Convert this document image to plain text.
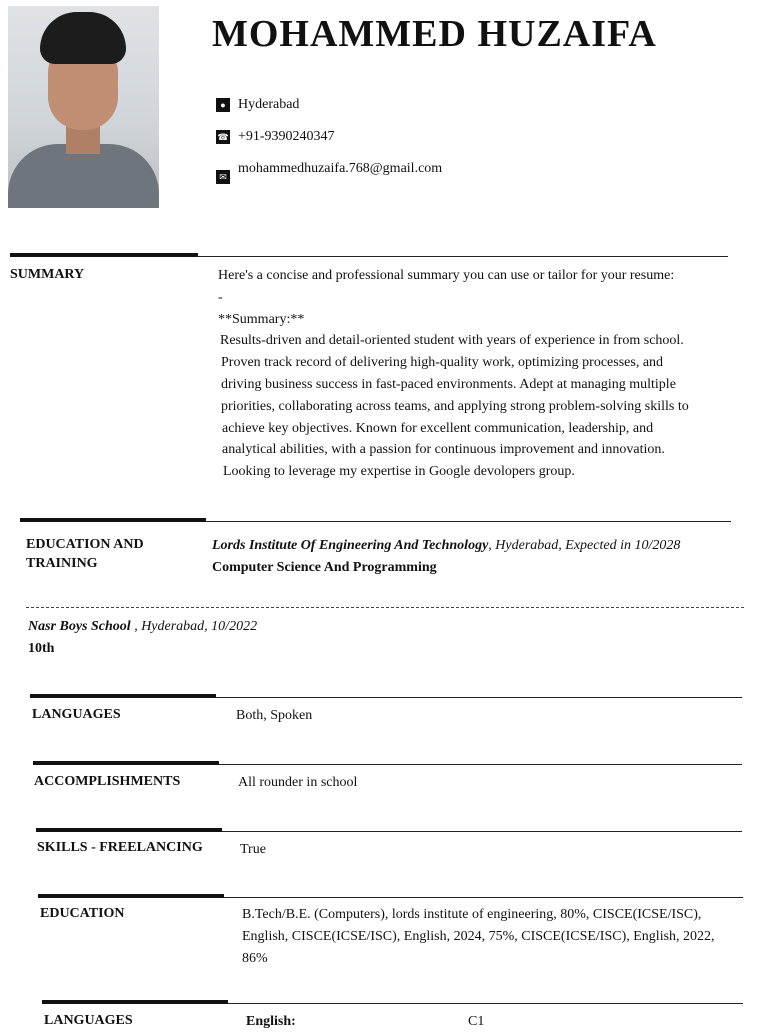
MOHAMMED HUZAIFA
● Hyderabad
☎ +91-9390240347
✉
mohammedhuzaifa.768@gmail.com
SUMMARY	Here's a concise and professional summary you can use or tailor for your resume:
-
**Summary:**
Results-driven and detail-oriented student with years of experience in from school.
Proven track record of delivering high-quality work, optimizing processes, and
driving business success in fast-paced environments. Adept at managing multiple
priorities, collaborating across teams, and applying strong problem-solving skills to
achieve key objectives. Known for excellent communication, leadership, and
analytical abilities, with a passion for continuous improvement and innovation.
Looking to leverage my expertise in Google devolopers group.
EDUCATION AND
TRAINING
Lords Institute Of Engineering And Technology, Hyderabad, Expected in 10/2028
Computer Science And Programming
Nasr Boys School , Hyderabad, 10/2022
10th
LANGUAGES	Both, Spoken
ACCOMPLISHMENTS	All rounder in school
SKILLS - FREELANCING	True
EDUCATION	B.Tech/B.E. (Computers), lords institute of engineering, 80%, CISCE(ICSE/ISC),
English, CISCE(ICSE/ISC), English, 2024, 75%, CISCE(ICSE/ISC), English, 2022,
86%
LANGUAGES	English:	C1
